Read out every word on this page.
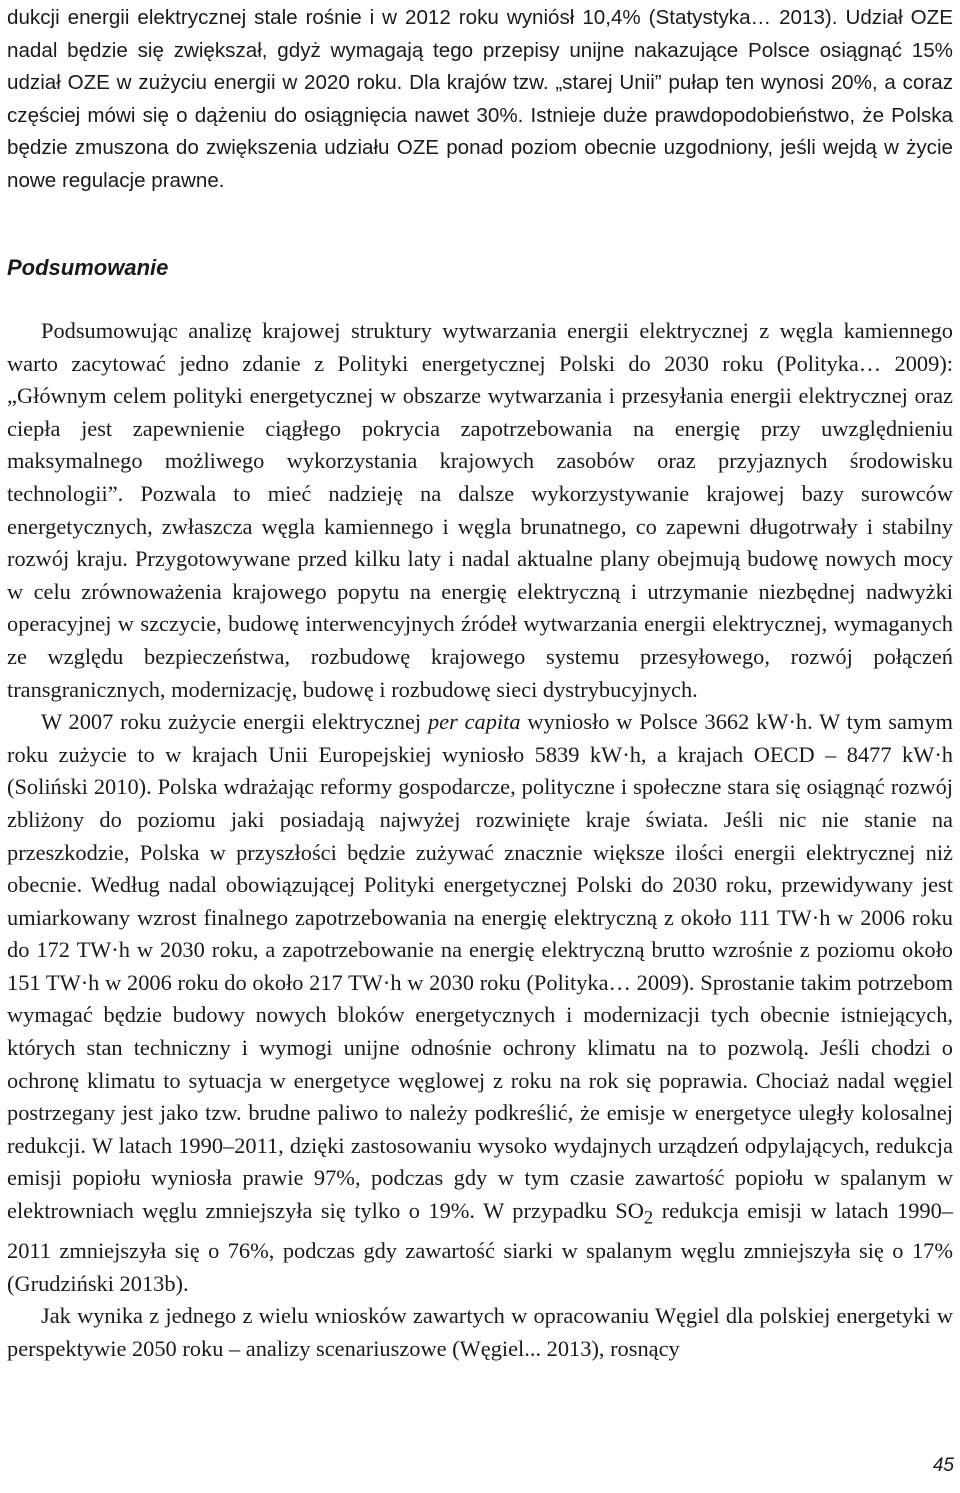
dukcji energii elektrycznej stale rośnie i w 2012 roku wyniósł 10,4% (Statystyka… 2013). Udział OZE nadal będzie się zwiększał, gdyż wymagają tego przepisy unijne nakazujące Polsce osiągnąć 15% udział OZE w zużyciu energii w 2020 roku. Dla krajów tzw. „starej Unii” pułap ten wynosi 20%, a coraz częściej mówi się o dążeniu do osiągnięcia nawet 30%. Istnieje duże prawdopodobieństwo, że Polska będzie zmuszona do zwiększenia udziału OZE ponad poziom obecnie uzgodniony, jeśli wejdą w życie nowe regulacje prawne.

Podsumowanie

Podsumowując analizę krajowej struktury wytwarzania energii elektrycznej z węgla kamiennego warto zacytować jedno zdanie z Polityki energetycznej Polski do 2030 roku (Polityka… 2009): „Głównym celem polityki energetycznej w obszarze wytwarzania i przesyłania energii elektrycznej oraz ciepła jest zapewnienie ciągłego pokrycia zapotrzebowania na energię przy uwzględnieniu maksymalnego możliwego wykorzystania krajowych zasobów oraz przyjaznych środowisku technologii”. Pozwala to mieć nadzieję na dalsze wykorzystywanie krajowej bazy surowców energetycznych, zwłaszcza węgla kamiennego i węgla brunatnego, co zapewni długotrwały i stabilny rozwój kraju. Przygotowywane przed kilku laty i nadal aktualne plany obejmują budowę nowych mocy w celu zrównoważenia krajowego popytu na energię elektryczną i utrzymanie niezbędnej nadwyżki operacyjnej w szczycie, budowę interwencyjnych źródeł wytwarzania energii elektrycznej, wymaganych ze względu bezpieczeństwa, rozbudowę krajowego systemu przesyłowego, rozwój połączeń transgranicznych, modernizację, budowę i rozbudowę sieci dystrybucyjnych.

W 2007 roku zużycie energii elektrycznej per capita wyniosło w Polsce 3662 kW·h. W tym samym roku zużycie to w krajach Unii Europejskiej wyniosło 5839 kW·h, a krajach OECD – 8477 kW·h (Soliński 2010). Polska wdrażając reformy gospodarcze, polityczne i społeczne stara się osiągnąć rozwój zbliżony do poziomu jaki posiadają najwyżej rozwinięte kraje świata. Jeśli nic nie stanie na przeszkodzie, Polska w przyszłości będzie zużywać znacznie większe ilości energii elektrycznej niż obecnie. Według nadal obowiązującej Polityki energetycznej Polski do 2030 roku, przewidywany jest umiarkowany wzrost finalnego zapotrzebowania na energię elektryczną z około 111 TW·h w 2006 roku do 172 TW·h w 2030 roku, a zapotrzebowanie na energię elektryczną brutto wzrośnie z poziomu około 151 TW·h w 2006 roku do około 217 TW·h w 2030 roku (Polityka… 2009). Sprostanie takim potrzebom wymagać będzie budowy nowych bloków energetycznych i modernizacji tych obecnie istniejących, których stan techniczny i wymogi unijne odnośnie ochrony klimatu na to pozwolą. Jeśli chodzi o ochronę klimatu to sytuacja w energetyce węglowej z roku na rok się poprawia. Chociaż nadal węgiel postrzegany jest jako tzw. brudne paliwo to należy podkreślić, że emisje w energetyce uległy kolosalnej redukcji. W latach 1990–2011, dzięki zastosowaniu wysoko wydajnych urządzeń odpylających, redukcja emisji popiołu wyniosła prawie 97%, podczas gdy w tym czasie zawartość popiołu w spalanym w elektrowniach węglu zmniejszyła się tylko o 19%. W przypadku $SO_2$ redukcja emisji w latach 1990–2011 zmniejszyła się o 76%, podczas gdy zawartość siarki w spalanym węglu zmniejszyła się o 17% (Grudziński 2013b).

Jak wynika z jednego z wielu wniosków zawartych w opracowaniu Węgiel dla polskiej energetyki w perspektywie 2050 roku – analizy scenariuszowe (Węgiel... 2013), rosnący

45
